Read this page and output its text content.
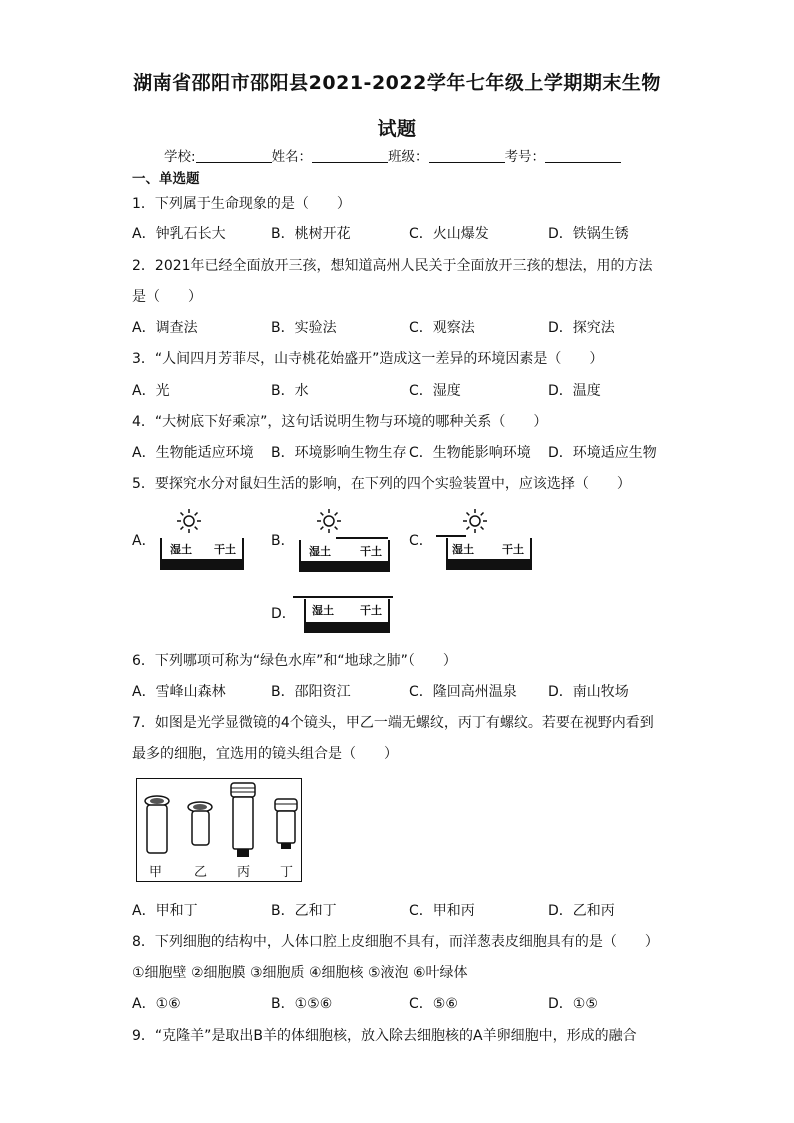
湖南省邵阳市邵阳县2021-2022学年七年级上学期期末生物
试题
学校:	姓名：	班级：	考号：
一、单选题
1．下列属于生命现象的是（　　）
A．钟乳石长大	B．桃树开花	C．火山爆发	D．铁锅生锈
2．2021年已经全面放开三孩，想知道高州人民关于全面放开三孩的想法，用的方法
是（　　）
A．调查法	B．实验法	C．观察法	D．探究法
3．“人间四月芳菲尽，山寺桃花始盛开”造成这一差异的环境因素是（　　）
A．光	B．水	C．湿度	D．温度
4．“大树底下好乘凉”，这句话说明生物与环境的哪种关系（　　）
A．生物能适应环境 B．环境影响生物生存 C．生物能影响环境 D．环境适应生物
5．要探究水分对鼠妇生活的影响，在下列的四个实验装置中，应该选择（　　）
A．	B．	C．
D．
湿土 干土	湿土	干土	湿土	干土
湿土 干土
6．下列哪项可称为“绿色水库”和“地球之肺”（　　）
A．雪峰山森林	B．邵阳资江	C．隆回高州温泉 D．南山牧场
7．如图是光学显微镜的4个镜头，甲乙一端无螺纹，丙丁有螺纹。若要在视野内看到
最多的细胞，宜选用的镜头组合是（　　）
甲 乙 丙 丁
A．甲和丁	B．乙和丁	C．甲和丙	D．乙和丙
8．下列细胞的结构中，人体口腔上皮细胞不具有，而洋葱表皮细胞具有的是（　　）
①细胞壁 ②细胞膜 ③细胞质 ④细胞核 ⑤液泡 ⑥叶绿体
A．①⑥	B．①⑤⑥	C．⑤⑥	D．①⑤
9．“克隆羊”是取出B羊的体细胞核，放入除去细胞核的A羊卵细胞中，形成的融合
